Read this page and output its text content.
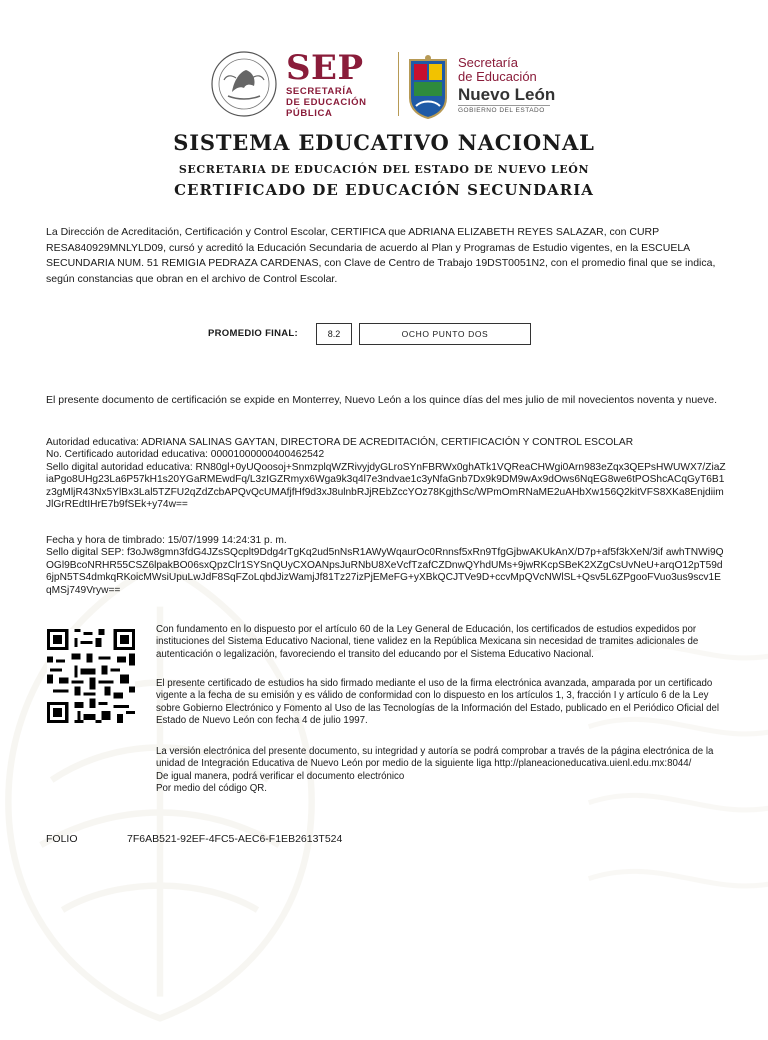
SEP
SECRETARÍA
DE EDUCACIÓN
PÚBLICA
Secretaría
de Educación
Nuevo León
GOBIERNO DEL ESTADO
SISTEMA EDUCATIVO NACIONAL
SECRETARIA DE EDUCACIÓN DEL ESTADO DE NUEVO LEÓN
CERTIFICADO DE EDUCACIÓN SECUNDARIA

La Dirección de Acreditación, Certificación y Control Escolar, CERTIFICA que ADRIANA ELIZABETH REYES SALAZAR, con CURP RESA840929MNLYLD09, cursó y acreditó la Educación Secundaria de acuerdo al Plan y Programas de Estudio vigentes, en la ESCUELA SECUNDARIA NUM. 51 REMIGIA PEDRAZA CARDENAS, con Clave de Centro de Trabajo 19DST0051N2, con el promedio final que se indica, según constancias que obran en el archivo de Control Escolar.

PROMEDIO FINAL:	8.2	OCHO PUNTO DOS

El presente documento de certificación se expide en Monterrey, Nuevo León a los quince días del mes julio de mil novecientos noventa y nueve.

Autoridad educativa: ADRIANA SALINAS GAYTAN, DIRECTORA DE ACREDITACIÓN, CERTIFICACIÓN Y CONTROL ESCOLAR
No. Certificado autoridad educativa: 00001000000400462542
Sello digital autoridad educativa: RN80gl+0yUQoosoj+SnmzplqWZRivyjdyGLroSYnFBRWx0ghATk1VQReaCHWgi0Arn983eZqx3QEPsHWUWX7/ZiaZiaPgo8UHg23La6P57kH1s20YGaRMEwdFq/L3zIGZRmyx6Wga9k3q4l7e3ndvae1c3yNfaGnb7Dx9k9DM9wAx9dOws6NqEG8we6tPOShcACqGyT6B1z3gMljR43Nx5YlBx3Lal5TZFU2qZdZcbAPQvQcUMAfjfHf9d3xJ8ulnbRJjREbZccYOz78KgjthSc/WPmOmRNaME2uAHbXw156Q2kitVFS8XKa8EnjdiimJlGrREdtIHrE7b9fSEk+y74w==
Fecha y hora de timbrado: 15/07/1999 14:24:31 p. m.
Sello digital SEP: f3oJw8gmn3fdG4JZsSQcplt9Ddg4rTgKq2ud5nNsR1AWyWqaurOc0Rnnsf5xRn9TfgGjbwAKUkAnX/D7p+af5f3kXeN/3if awhTNWi9QOGl9BcoNRHR55CSZ6lpakBO06sxQpzClr1SYSnQUyCXOANpsJuRNbU8XeVcfTzafCZDnwQYhdUMs+9jwRKcpSBeK2XZgCsUvNeU+arqO12pT59d6jpN5TS4dmkqRKoicMWsiUpuLwJdF8SqFZoLqbdJizWamjJf81Tz27izPjEMeFG+yXBkQCJTVe9D+ccvMpQVcNWlSL+Qsv5L6ZPgooFVuo3us9scv1EqMSj749Vryw==

Con fundamento en lo dispuesto por el artículo 60 de la Ley General de Educación, los certificados de estudios expedidos por instituciones del Sistema Educativo Nacional, tiene validez en la República Mexicana sin necesidad de tramites adicionales de autenticación o legalización, favoreciendo el transito del educando por el Sistema Educativo Nacional.

El presente certificado de estudios ha sido firmado mediante el uso de la firma electrónica avanzada, amparada por un certificado vigente a la fecha de su emisión y es válido de conformidad con lo dispuesto en los artículos 1, 3, fracción I y artículo 6 de la Ley sobre Gobierno Electrónico y Fomento al Uso de las Tecnologías de la Información del Estado, publicado en el Periódico Oficial del Estado de Nuevo León con fecha 4 de julio 1997.

La versión electrónica del presente documento, su integridad y autoría se podrá comprobar a través de la página electrónica de la unidad de Integración Educativa de Nuevo León por medio de la siguiente liga http://planeacioneducativa.uienl.edu.mx:8044/
De igual manera, podrá verificar el documento electrónico
Por medio del código QR.
FOLIO	7F6AB521-92EF-4FC5-AEC6-F1EB2613T524
